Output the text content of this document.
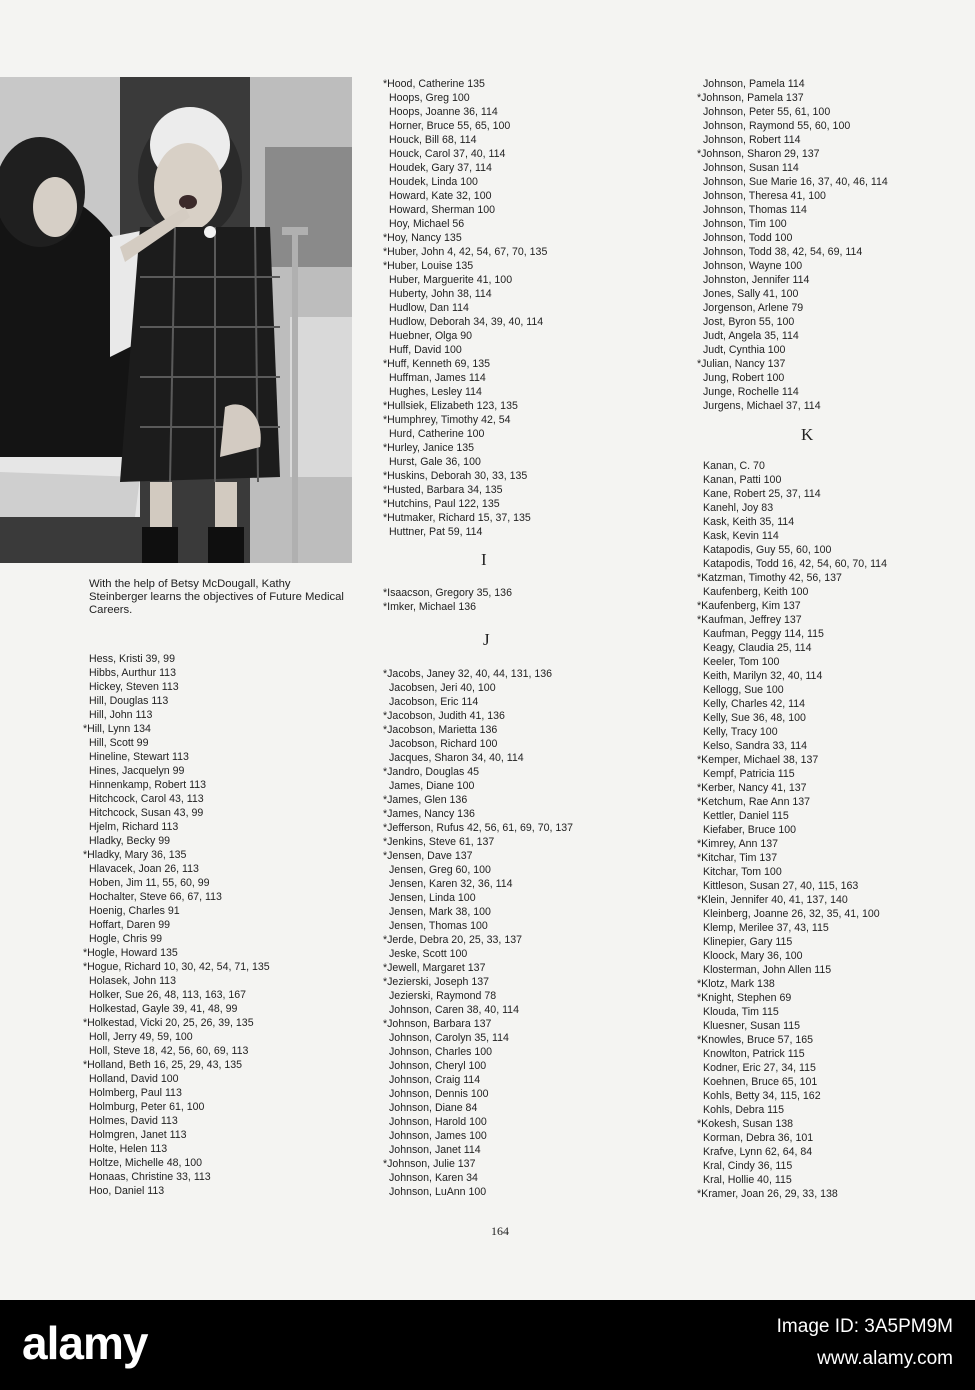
With the help of Betsy McDougall, Kathy Steinberger learns the objectives of Future Medical Careers.
Hess, Kristi 39, 99
Hibbs, Aurthur 113
Hickey, Steven 113
Hill, Douglas 113
Hill, John 113
* Hill, Lynn 134
Hill, Scott 99
Hineline, Stewart 113
Hines, Jacquelyn 99
Hinnenkamp, Robert 113
Hitchcock, Carol 43, 113
Hitchcock, Susan 43, 99
Hjelm, Richard 113
Hladky, Becky 99
* Hladky, Mary 36, 135
Hlavacek, Joan 26, 113
Hoben, Jim 11, 55, 60, 99
Hochalter, Steve 66, 67, 113
Hoenig, Charles 91
Hoffart, Daren 99
Hogle, Chris 99
* Hogle, Howard 135
* Hogue, Richard 10, 30, 42, 54, 71, 135
Holasek, John 113
Holker, Sue 26, 48, 113, 163, 167
Holkestad, Gayle 39, 41, 48, 99
* Holkestad, Vicki 20, 25, 26, 39, 135
Holl, Jerry 49, 59, 100
Holl, Steve 18, 42, 56, 60, 69, 113
* Holland, Beth 16, 25, 29, 43, 135
Holland, David 100
Holmberg, Paul 113
Holmburg, Peter 61, 100
Holmes, David 113
Holmgren, Janet 113
Holte, Helen 113
Holtze, Michelle 48, 100
Honaas, Christine 33, 113
Hoo, Daniel 113
* Hood, Catherine 135
Hoops, Greg 100
Hoops, Joanne 36, 114
Horner, Bruce 55, 65, 100
Houck, Bill 68, 114
Houck, Carol 37, 40, 114
Houdek, Gary 37, 114
Houdek, Linda 100
Howard, Kate 32, 100
Howard, Sherman 100
Hoy, Michael 56
* Hoy, Nancy 135
* Huber, John 4, 42, 54, 67, 70, 135
* Huber, Louise 135
Huber, Marguerite 41, 100
Huberty, John 38, 114
Hudlow, Dan 114
Hudlow, Deborah 34, 39, 40, 114
Huebner, Olga 90
Huff, David 100
* Huff, Kenneth 69, 135
Huffman, James 114
Hughes, Lesley 114
* Hullsiek, Elizabeth 123, 135
* Humphrey, Timothy 42, 54
Hurd, Catherine 100
* Hurley, Janice 135
Hurst, Gale 36, 100
* Huskins, Deborah 30, 33, 135
* Husted, Barbara 34, 135
* Hutchins, Paul 122, 135
* Hutmaker, Richard 15, 37, 135
Huttner, Pat 59, 114
I
* Isaacson, Gregory 35, 136
* Imker, Michael 136
J
* Jacobs, Janey 32, 40, 44, 131, 136
Jacobsen, Jeri 40, 100
Jacobson, Eric 114
* Jacobson, Judith 41, 136
* Jacobson, Marietta 136
Jacobson, Richard 100
Jacques, Sharon 34, 40, 114
* Jandro, Douglas 45
James, Diane 100
* James, Glen 136
* James, Nancy 136
* Jefferson, Rufus 42, 56, 61, 69, 70, 137
* Jenkins, Steve 61, 137
* Jensen, Dave 137
Jensen, Greg 60, 100
Jensen, Karen 32, 36, 114
Jensen, Linda 100
Jensen, Mark 38, 100
Jensen, Thomas 100
* Jerde, Debra 20, 25, 33, 137
Jeske, Scott 100
* Jewell, Margaret 137
* Jezierski, Joseph 137
Jezierski, Raymond 78
Johnson, Caren 38, 40, 114
* Johnson, Barbara 137
Johnson, Carolyn 35, 114
Johnson, Charles 100
Johnson, Cheryl 100
Johnson, Craig 114
Johnson, Dennis 100
Johnson, Diane 84
Johnson, Harold 100
Johnson, James 100
Johnson, Janet 114
* Johnson, Julie 137
Johnson, Karen 34
Johnson, LuAnn 100
Johnson, Pamela 114
* Johnson, Pamela 137
Johnson, Peter 55, 61, 100
Johnson, Raymond 55, 60, 100
Johnson, Robert 114
* Johnson, Sharon 29, 137
Johnson, Susan 114
Johnson, Sue Marie 16, 37, 40, 46, 114
Johnson, Theresa 41, 100
Johnson, Thomas 114
Johnson, Tim 100
Johnson, Todd 100
Johnson, Todd 38, 42, 54, 69, 114
Johnson, Wayne 100
Johnston, Jennifer 114
Jones, Sally 41, 100
Jorgenson, Arlene 79
Jost, Byron 55, 100
Judt, Angela 35, 114
Judt, Cynthia 100
* Julian, Nancy 137
Jung, Robert 100
Junge, Rochelle 114
Jurgens, Michael 37, 114
K
Kanan, C. 70
Kanan, Patti 100
Kane, Robert 25, 37, 114
Kanehl, Joy 83
Kask, Keith 35, 114
Kask, Kevin 114
Katapodis, Guy 55, 60, 100
Katapodis, Todd 16, 42, 54, 60, 70, 114
* Katzman, Timothy 42, 56, 137
Kaufenberg, Keith 100
* Kaufenberg, Kim 137
* Kaufman, Jeffrey 137
Kaufman, Peggy 114, 115
Keagy, Claudia 25, 114
Keeler, Tom 100
Keith, Marilyn 32, 40, 114
Kellogg, Sue 100
Kelly, Charles 42, 114
Kelly, Sue 36, 48, 100
Kelly, Tracy 100
Kelso, Sandra 33, 114
* Kemper, Michael 38, 137
Kempf, Patricia 115
* Kerber, Nancy 41, 137
* Ketchum, Rae Ann 137
Kettler, Daniel 115
Kiefaber, Bruce 100
* Kimrey, Ann 137
* Kitchar, Tim 137
Kitchar, Tom 100
Kittleson, Susan 27, 40, 115, 163
* Klein, Jennifer 40, 41, 137, 140
Kleinberg, Joanne 26, 32, 35, 41, 100
Klemp, Merilee 37, 43, 115
Klinepier, Gary 115
Kloock, Mary 36, 100
Klosterman, John Allen 115
* Klotz, Mark 138
* Knight, Stephen 69
Klouda, Tim 115
Kluesner, Susan 115
* Knowles, Bruce 57, 165
Knowlton, Patrick 115
Kodner, Eric 27, 34, 115
Koehnen, Bruce 65, 101
Kohls, Betty 34, 115, 162
Kohls, Debra 115
* Kokesh, Susan 138
Korman, Debra 36, 101
Krafve, Lynn 62, 64, 84
Kral, Cindy 36, 115
Kral, Hollie 40, 115
* Kramer, Joan 26, 29, 33, 138
164
alamy	Image ID: 3A5PM9M
www.alamy.com
